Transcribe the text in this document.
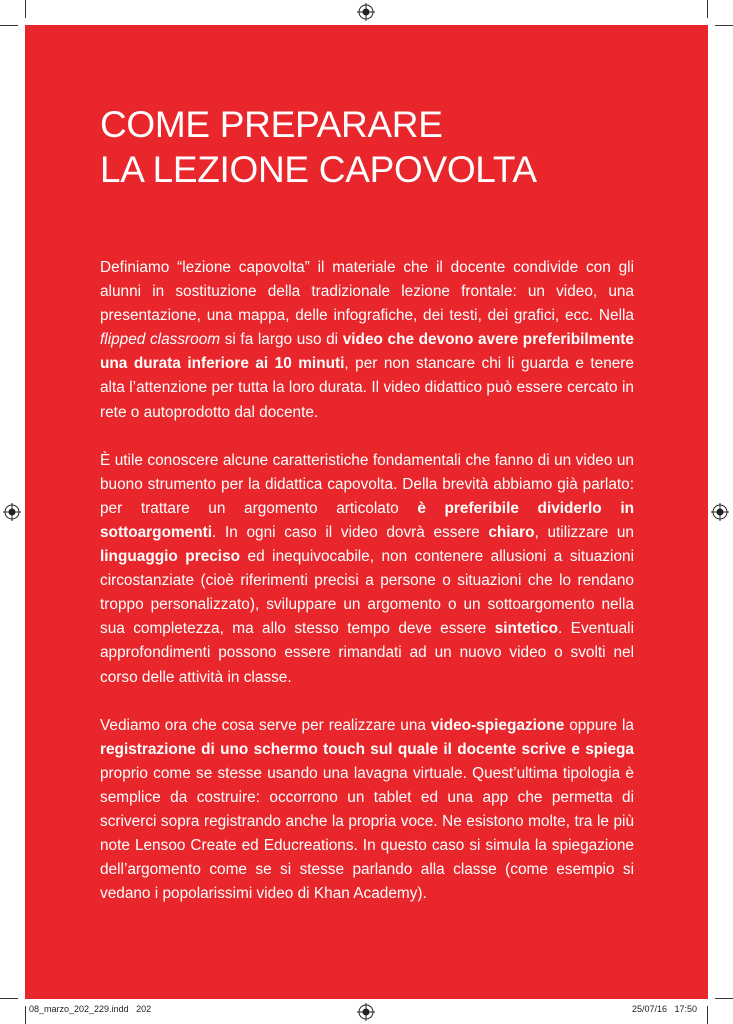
COME PREPARARE
LA LEZIONE CAPOVOLTA

Definiamo “lezione capovolta” il materiale che il docente condivide con gli alunni in sostituzione della tradizionale lezione frontale: un video, una presentazione, una mappa, delle infografiche, dei testi, dei grafici, ecc. Nella flipped classroom si fa largo uso di video che devono avere preferibilmente una durata inferiore ai 10 minuti, per non stancare chi li guarda e tenere alta l’attenzione per tutta la loro durata. Il video didattico può essere cercato in rete o autoprodotto dal docente.

È utile conoscere alcune caratteristiche fondamentali che fanno di un video un buono strumento per la didattica capovolta. Della brevità abbiamo già parlato: per trattare un argomento articolato è preferibile dividerlo in sottoargomenti. In ogni caso il video dovrà essere chiaro, utilizzare un linguaggio preciso ed inequivocabile, non contenere allusioni a situazioni circostanziate (cioè riferimenti precisi a persone o situazioni che lo rendano troppo personalizzato), sviluppare un argomento o un sottoargomento nella sua completezza, ma allo stesso tempo deve essere sintetico. Eventuali approfondimenti possono essere rimandati ad un nuovo video o svolti nel corso delle attività in classe.

Vediamo ora che cosa serve per realizzare una video-spiegazione oppure la registrazione di uno schermo touch sul quale il docente scrive e spiega proprio come se stesse usando una lavagna virtuale. Quest’ultima tipologia è semplice da costruire: occorrono un tablet ed una app che permetta di scriverci sopra registrando anche la propria voce. Ne esistono molte, tra le più note Lensoo Create ed Educreations. In questo caso si simula la spiegazione dell’argomento come se si stesse parlando alla classe (come esempio si vedano i popolarissimi video di Khan Academy).

08_marzo_202_229.indd   202	25/07/16   17:50
